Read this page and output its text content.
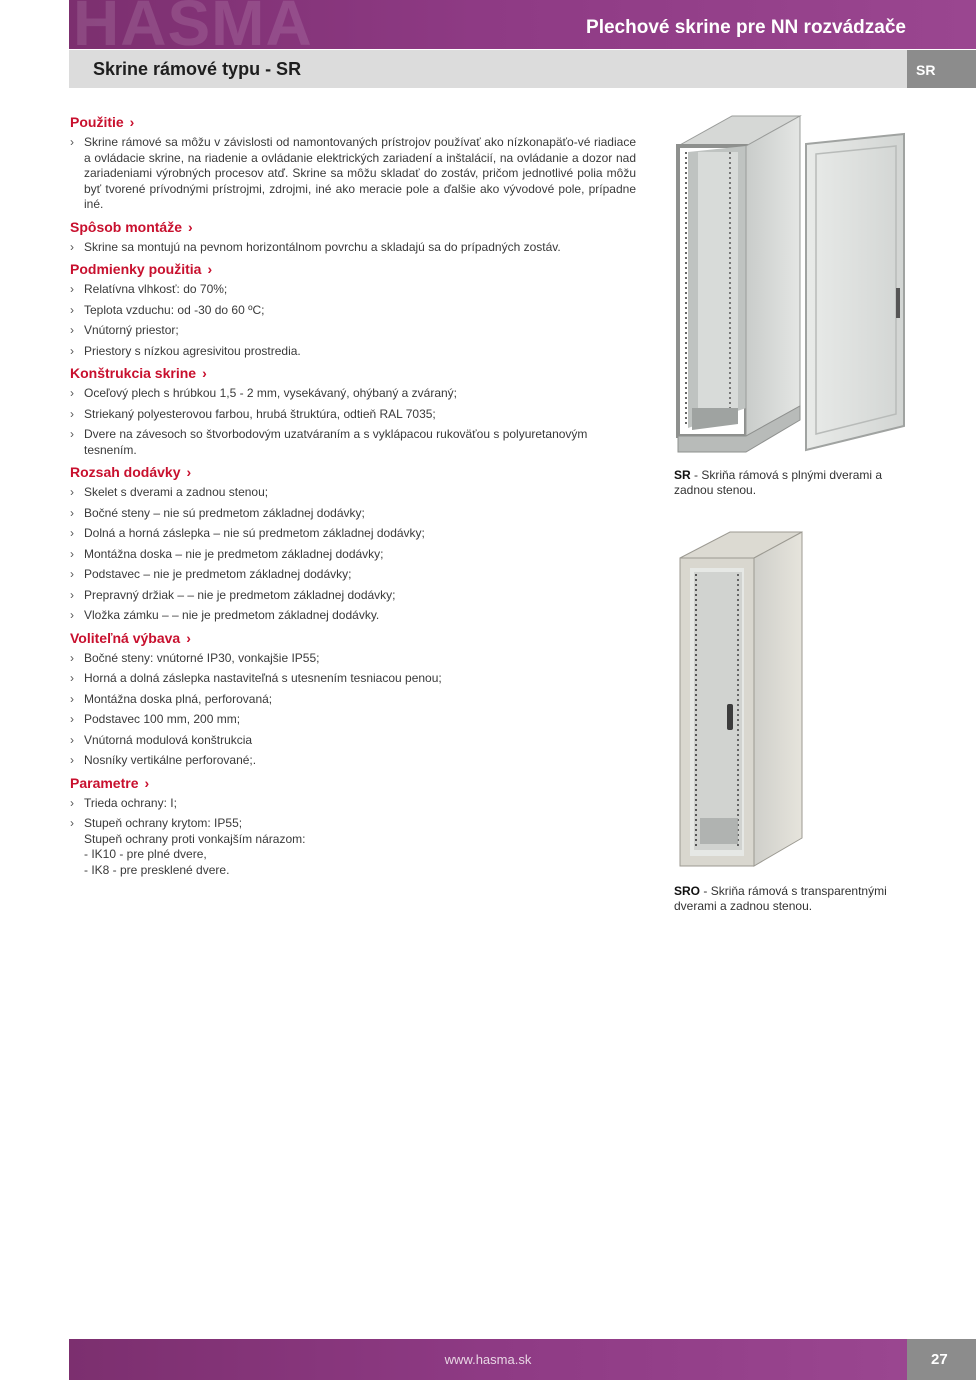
HASMA	Plechové skrine pre NN rozvádzače
Skrine rámové typu - SR	SR
Použitie ›
› Skrine rámové sa môžu v závislosti od namontovaných prístrojov používať ako nízkonapäťo-vé riadiace a ovládacie skrine, na riadenie a ovládanie elektrických zariadení a inštalácií, na ovládanie a dozor nad zariadeniami výrobných procesov atď. Skrine sa môžu skladať do zostáv, pričom jednotlivé polia môžu byť tvorené prívodnými prístrojmi, zdrojmi, iné ako meracie pole a ďalšie ako vývodové pole, prípadne iné.
Spôsob montáže ›
› Skrine sa montujú na pevnom horizontálnom povrchu a skladajú sa do prípadných zostáv.
Podmienky použitia ›
› Relatívna vlhkosť: do 70%;
› Teplota vzduchu: od -30 do 60 ºC;
› Vnútorný priestor;
› Priestory s nízkou agresivitou prostredia.
Konštrukcia skrine ›
› Oceľový plech s hrúbkou 1,5 - 2 mm, vysekávaný, ohýbaný a zváraný;
› Striekaný polyesterovou farbou, hrubá štruktúra, odtieň RAL 7035;
› Dvere na závesoch so štvorbodovým uzatváraním a s vyklápacou rukoväťou s polyuretanovým tesnením.
Rozsah dodávky ›
› Skelet s dverami a zadnou stenou;
› Bočné steny – nie sú predmetom základnej dodávky;
› Dolná a horná záslepka – nie sú predmetom základnej dodávky;
› Montážna doska – nie je predmetom základnej dodávky;
› Podstavec – nie je predmetom základnej dodávky;
› Prepravný držiak – – nie je predmetom základnej dodávky;
› Vložka zámku – – nie je predmetom základnej dodávky.
Voliteľná výbava ›
› Bočné steny: vnútorné IP30, vonkajšie IP55;
› Horná a dolná záslepka nastaviteľná s utesnením tesniacou penou;
› Montážna doska plná, perforovaná;
› Podstavec 100 mm, 200 mm;
› Vnútorná modulová konštrukcia
› Nosníky vertikálne perforované;.
Parametre ›
› Trieda ochrany: I;
› Stupeň ochrany krytom: IP55;
Stupeň ochrany proti vonkajším nárazom:
- IK10 - pre plné dvere,
- IK8 - pre presklené dvere.
SR - Skriňa rámová s plnými dverami a zadnou stenou.
SRO - Skriňa rámová s transparentnými dverami a zadnou stenou.
www.hasma.sk	27
